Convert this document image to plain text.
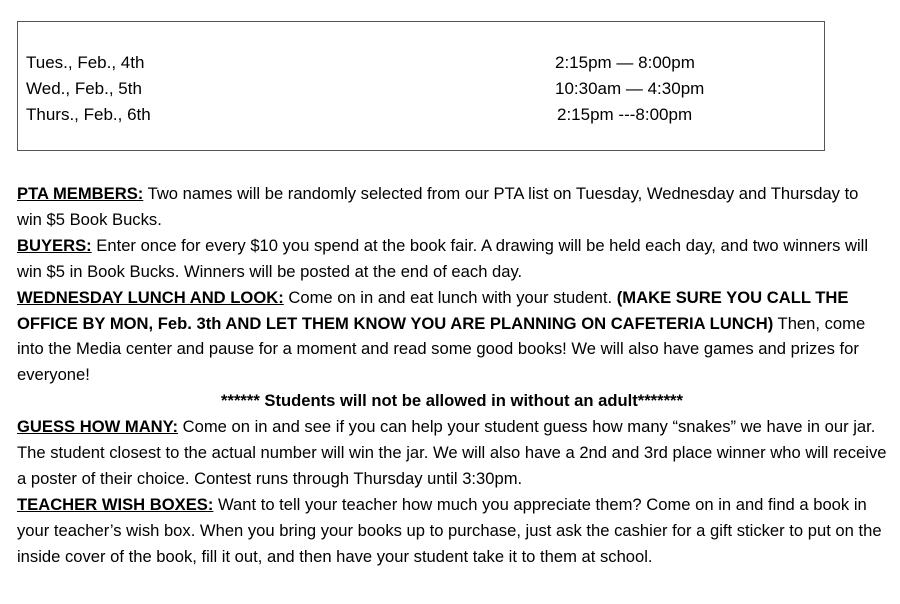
Tues., Feb., 4th	2:15pm — 8:00pm
Wed., Feb., 5th	10:30am — 4:30pm
Thurs., Feb., 6th	2:15pm ---8:00pm

PTA MEMBERS: Two names will be randomly selected from our PTA list on Tuesday, Wednesday and Thursday to win $5 Book Bucks.

BUYERS: Enter once for every $10 you spend at the book fair. A drawing will be held each day, and two winners will win $5 in Book Bucks. Winners will be posted at the end of each day.

WEDNESDAY LUNCH AND LOOK: Come on in and eat lunch with your student. (MAKE SURE YOU CALL THE OFFICE BY MON, Feb. 3th AND LET THEM KNOW YOU ARE PLANNING ON CAFETERIA LUNCH) Then, come into the Media center and pause for a moment and read some good books! We will also have games and prizes for everyone!

****** Students will not be allowed in without an adult*******

GUESS HOW MANY: Come on in and see if you can help your student guess how many “snakes” we have in our jar. The student closest to the actual number will win the jar. We will also have a 2nd and 3rd place winner who will receive a poster of their choice. Contest runs through Thursday until 3:30pm.

TEACHER WISH BOXES: Want to tell your teacher how much you appreciate them? Come on in and find a book in your teacher’s wish box. When you bring your books up to purchase, just ask the cashier for a gift sticker to put on the inside cover of the book, fill it out, and then have your student take it to them at school.
